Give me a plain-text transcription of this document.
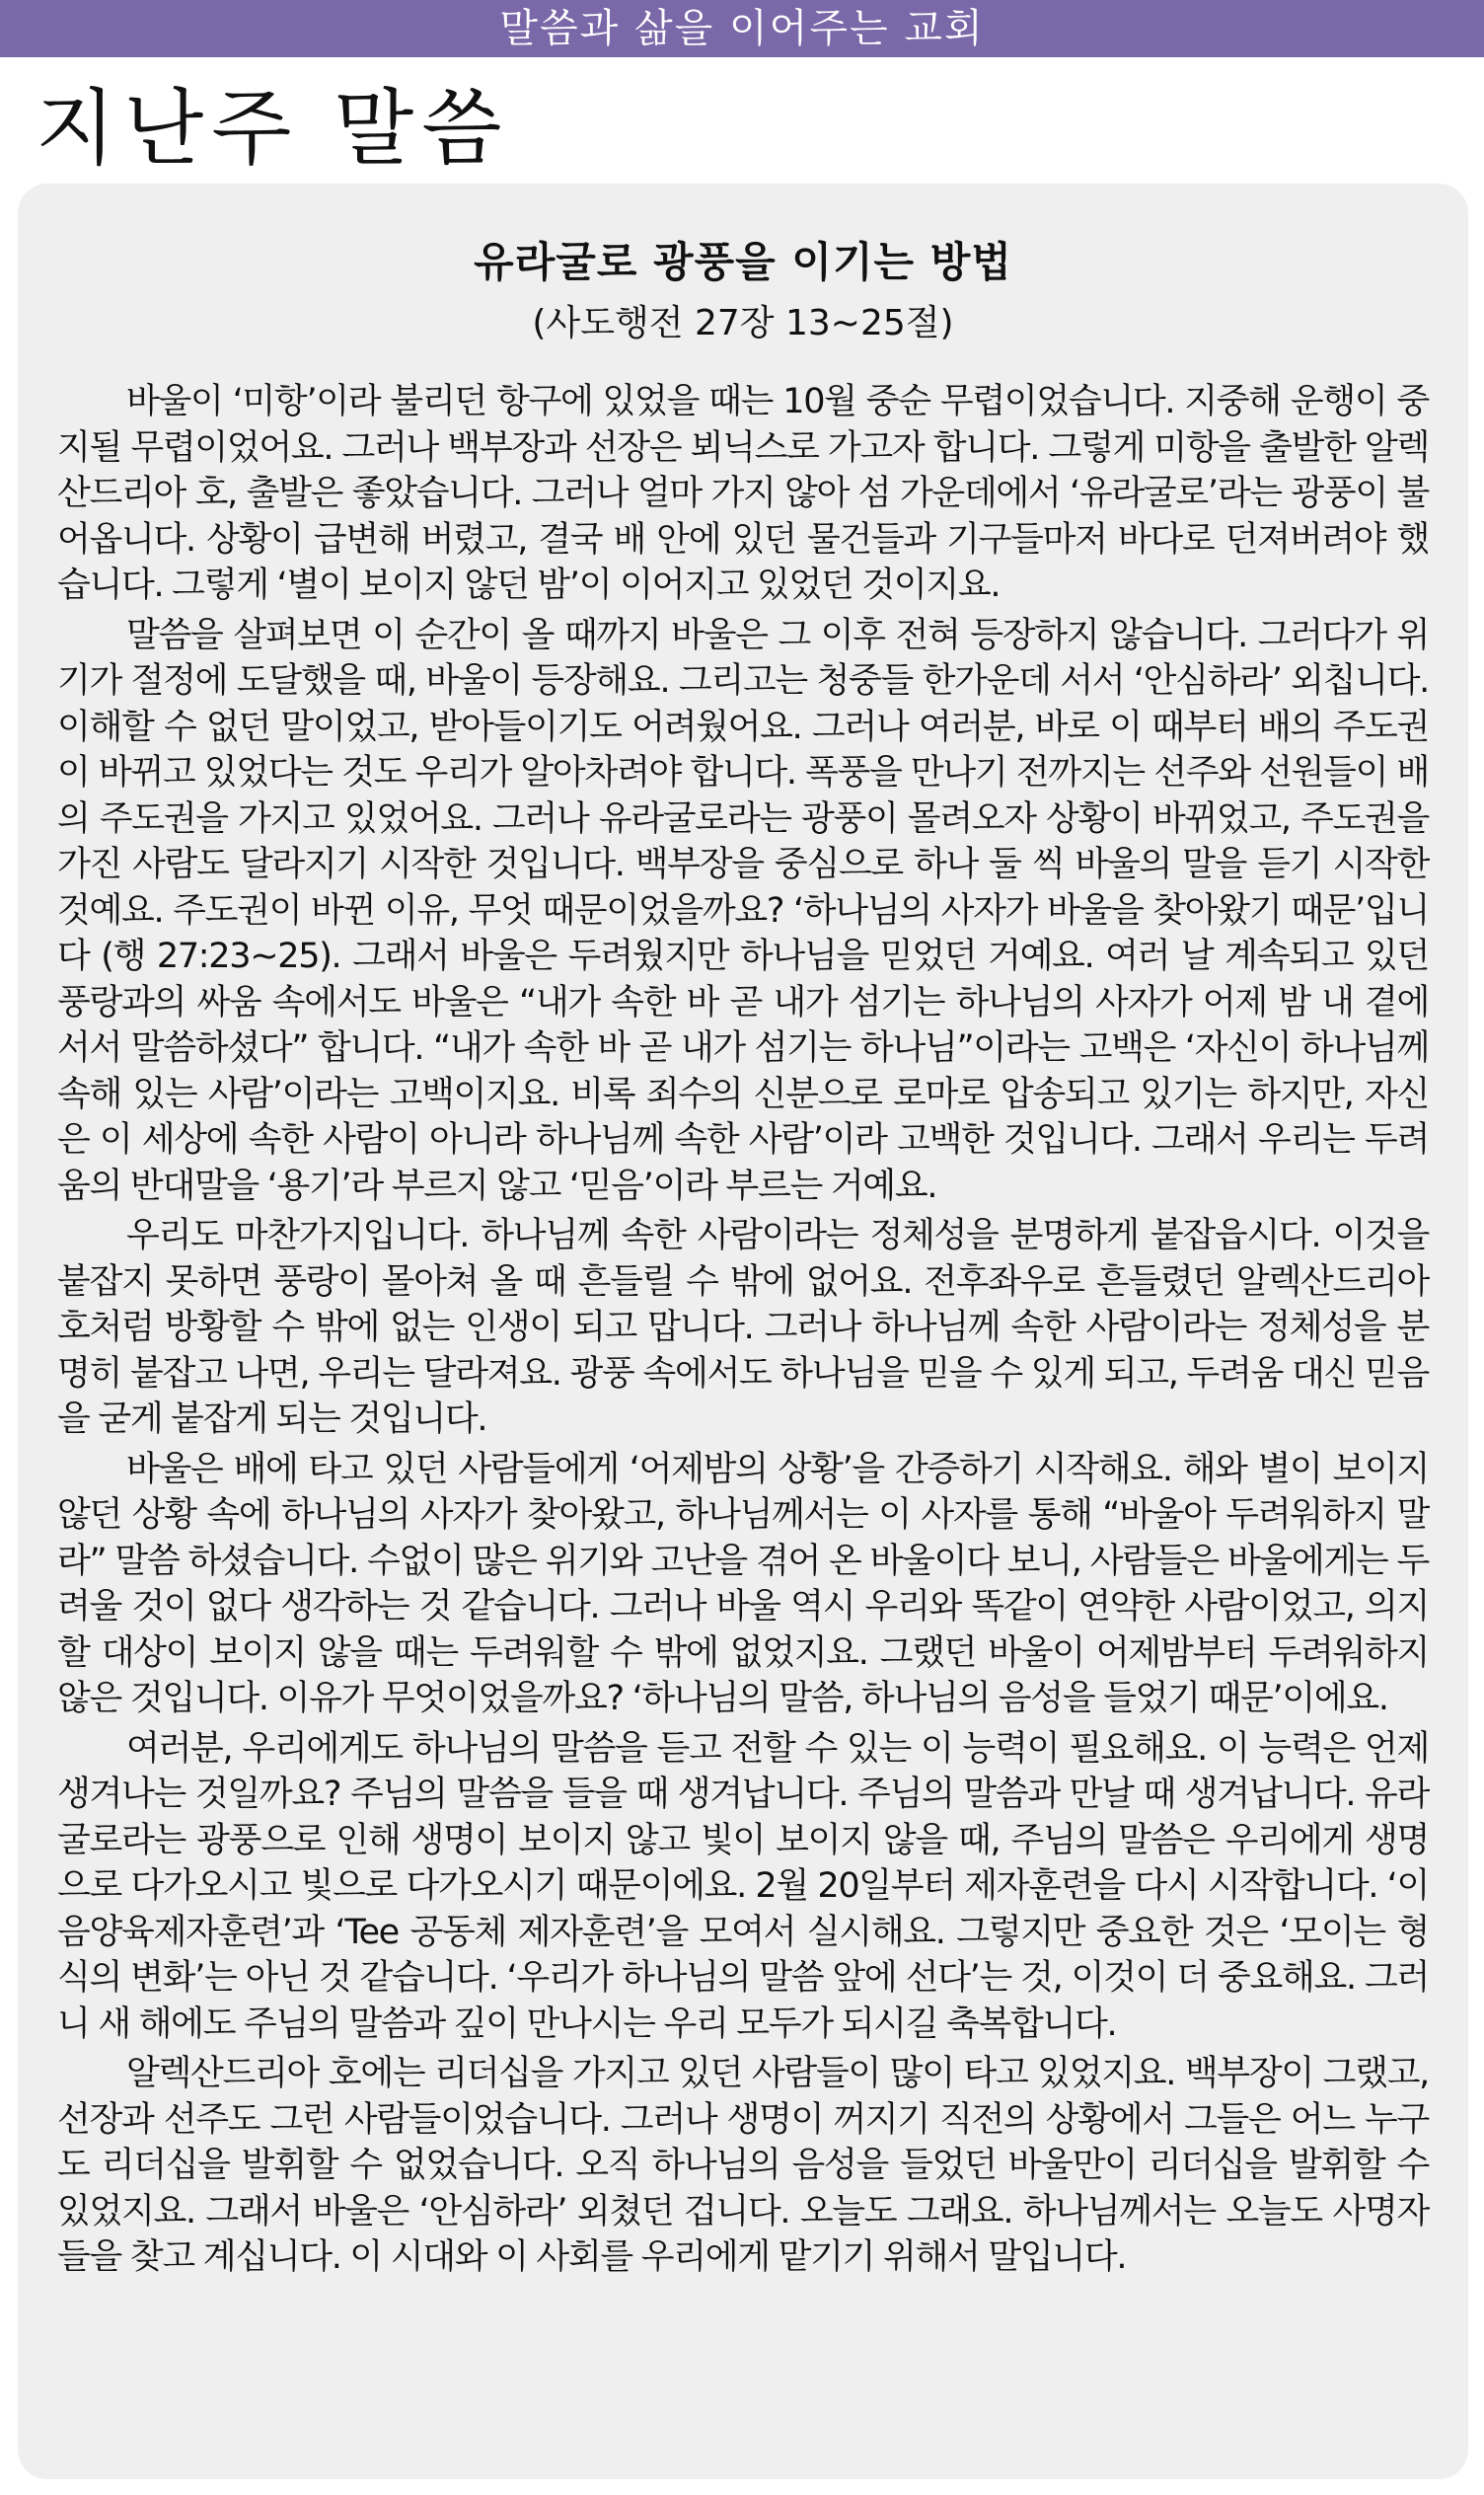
말씀과 삶을 이어주는 교회
지난주 말씀
유라굴로 광풍을 이기는 방법
(사도행전 27장 13~25절)

바울이 ‘미항’이라 불리던 항구에 있었을 때는 10월 중순 무렵이었습니다. 지중해 운행이 중지될 무렵이었어요. 그러나 백부장과 선장은 뵈닉스로 가고자 합니다. 그렇게 미항을 출발한 알렉산드리아 호, 출발은 좋았습니다. 그러나 얼마 가지 않아 섬 가운데에서 ‘유라굴로’라는 광풍이 불어옵니다. 상황이 급변해 버렸고, 결국 배 안에 있던 물건들과 기구들마저 바다로 던져버려야 했습니다. 그렇게 ‘별이 보이지 않던 밤’이 이어지고 있었던 것이지요.

말씀을 살펴보면 이 순간이 올 때까지 바울은 그 이후 전혀 등장하지 않습니다. 그러다가 위기가 절정에 도달했을 때, 바울이 등장해요. 그리고는 청중들 한가운데 서서 ‘안심하라’ 외칩니다. 이해할 수 없던 말이었고, 받아들이기도 어려웠어요. 그러나 여러분, 바로 이 때부터 배의 주도권이 바뀌고 있었다는 것도 우리가 알아차려야 합니다. 폭풍을 만나기 전까지는 선주와 선원들이 배의 주도권을 가지고 있었어요. 그러나 유라굴로라는 광풍이 몰려오자 상황이 바뀌었고, 주도권을 가진 사람도 달라지기 시작한 것입니다. 백부장을 중심으로 하나 둘 씩 바울의 말을 듣기 시작한 것예요. 주도권이 바뀐 이유, 무엇 때문이었을까요? ‘하나님의 사자가 바울을 찾아왔기 때문’입니다 (행 27:23~25). 그래서 바울은 두려웠지만 하나님을 믿었던 거예요. 여러 날 계속되고 있던 풍랑과의 싸움 속에서도 바울은 “내가 속한 바 곧 내가 섬기는 하나님의 사자가 어제 밤 내 곁에 서서 말씀하셨다” 합니다. “내가 속한 바 곧 내가 섬기는 하나님”이라는 고백은 ‘자신이 하나님께 속해 있는 사람’이라는 고백이지요. 비록 죄수의 신분으로 로마로 압송되고 있기는 하지만, 자신은 이 세상에 속한 사람이 아니라 하나님께 속한 사람’이라 고백한 것입니다. 그래서 우리는 두려움의 반대말을 ‘용기’라 부르지 않고 ‘믿음’이라 부르는 거예요.

우리도 마찬가지입니다. 하나님께 속한 사람이라는 정체성을 분명하게 붙잡읍시다. 이것을 붙잡지 못하면 풍랑이 몰아쳐 올 때 흔들릴 수 밖에 없어요. 전후좌우로 흔들렸던 알렉산드리아 호처럼 방황할 수 밖에 없는 인생이 되고 맙니다. 그러나 하나님께 속한 사람이라는 정체성을 분명히 붙잡고 나면, 우리는 달라져요. 광풍 속에서도 하나님을 믿을 수 있게 되고, 두려움 대신 믿음을 굳게 붙잡게 되는 것입니다.

바울은 배에 타고 있던 사람들에게 ‘어제밤의 상황’을 간증하기 시작해요. 해와 별이 보이지 않던 상황 속에 하나님의 사자가 찾아왔고, 하나님께서는 이 사자를 통해 “바울아 두려워하지 말라” 말씀 하셨습니다. 수없이 많은 위기와 고난을 겪어 온 바울이다 보니, 사람들은 바울에게는 두려울 것이 없다 생각하는 것 같습니다. 그러나 바울 역시 우리와 똑같이 연약한 사람이었고, 의지할 대상이 보이지 않을 때는 두려워할 수 밖에 없었지요. 그랬던 바울이 어제밤부터 두려워하지 않은 것입니다. 이유가 무엇이었을까요? ‘하나님의 말씀, 하나님의 음성을 들었기 때문’이에요.

여러분, 우리에게도 하나님의 말씀을 듣고 전할 수 있는 이 능력이 필요해요. 이 능력은 언제 생겨나는 것일까요? 주님의 말씀을 들을 때 생겨납니다. 주님의 말씀과 만날 때 생겨납니다. 유라굴로라는 광풍으로 인해 생명이 보이지 않고 빛이 보이지 않을 때, 주님의 말씀은 우리에게 생명으로 다가오시고 빛으로 다가오시기 때문이에요. 2월 20일부터 제자훈련을 다시 시작합니다. ‘이음양육제자훈련’과 ‘Tee 공동체 제자훈련’을 모여서 실시해요. 그렇지만 중요한 것은 ‘모이는 형식의 변화’는 아닌 것 같습니다. ‘우리가 하나님의 말씀 앞에 선다’는 것, 이것이 더 중요해요. 그러니 새 해에도 주님의 말씀과 깊이 만나시는 우리 모두가 되시길 축복합니다.

알렉산드리아 호에는 리더십을 가지고 있던 사람들이 많이 타고 있었지요. 백부장이 그랬고, 선장과 선주도 그런 사람들이었습니다. 그러나 생명이 꺼지기 직전의 상황에서 그들은 어느 누구도 리더십을 발휘할 수 없었습니다. 오직 하나님의 음성을 들었던 바울만이 리더십을 발휘할 수 있었지요. 그래서 바울은 ‘안심하라’ 외쳤던 겁니다. 오늘도 그래요. 하나님께서는 오늘도 사명자들을 찾고 계십니다. 이 시대와 이 사회를 우리에게 맡기기 위해서 말입니다.
